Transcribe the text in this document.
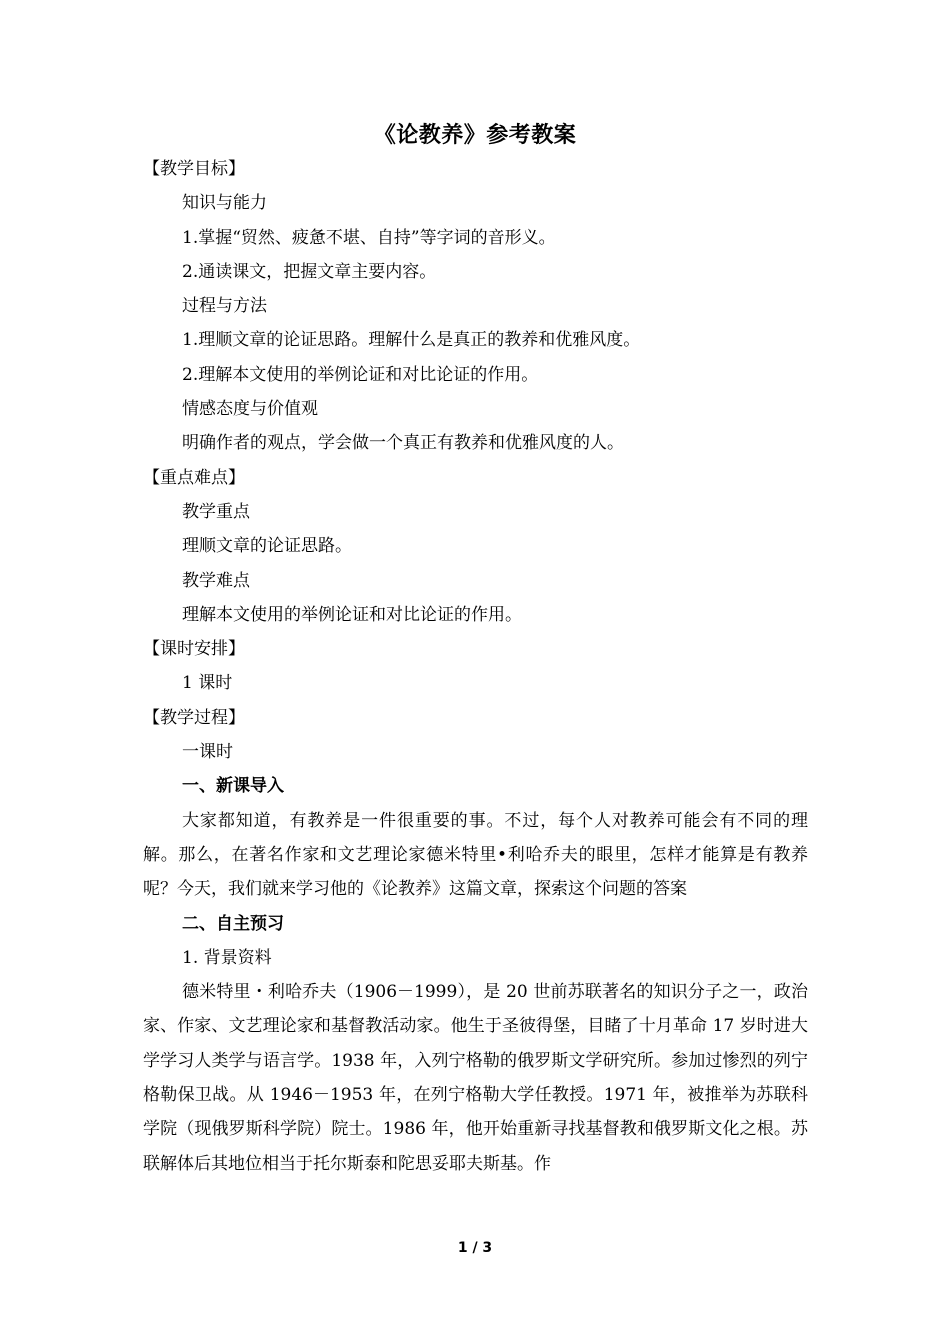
《论教养》参考教案
【教学目标】
知识与能力
1.掌握“贸然、疲惫不堪、自持”等字词的音形义。
2.通读课文，把握文章主要内容。
过程与方法
1.理顺文章的论证思路。理解什么是真正的教养和优雅风度。
2.理解本文使用的举例论证和对比论证的作用。
情感态度与价值观
明确作者的观点，学会做一个真正有教养和优雅风度的人。
【重点难点】
教学重点
理顺文章的论证思路。
教学难点
理解本文使用的举例论证和对比论证的作用。
【课时安排】
1 课时
【教学过程】
一课时
一、新课导入

大家都知道，有教养是一件很重要的事。不过，每个人对教养可能会有不同的理解。那么，在著名作家和文艺理论家德米特里•利哈乔夫的眼里，怎样才能算是有教养呢？今天，我们就来学习他的《论教养》这篇文章，探索这个问题的答案

二、自主预习
1. 背景资料

德米特里・利哈乔夫（1906－1999），是 20 世前苏联著名的知识分子之一，政治家、作家、文艺理论家和基督教活动家。他生于圣彼得堡，目睹了十月革命 17 岁时进大学学习人类学与语言学。1938 年，入列宁格勒的俄罗斯文学研究所。参加过惨烈的列宁格勒保卫战。从 1946－1953 年，在列宁格勒大学任教授。1971 年，被推举为苏联科学院（现俄罗斯科学院）院士。1986 年，他开始重新寻找基督教和俄罗斯文化之根。苏联解体后其地位相当于托尔斯泰和陀思妥耶夫斯基。作

1 / 3
